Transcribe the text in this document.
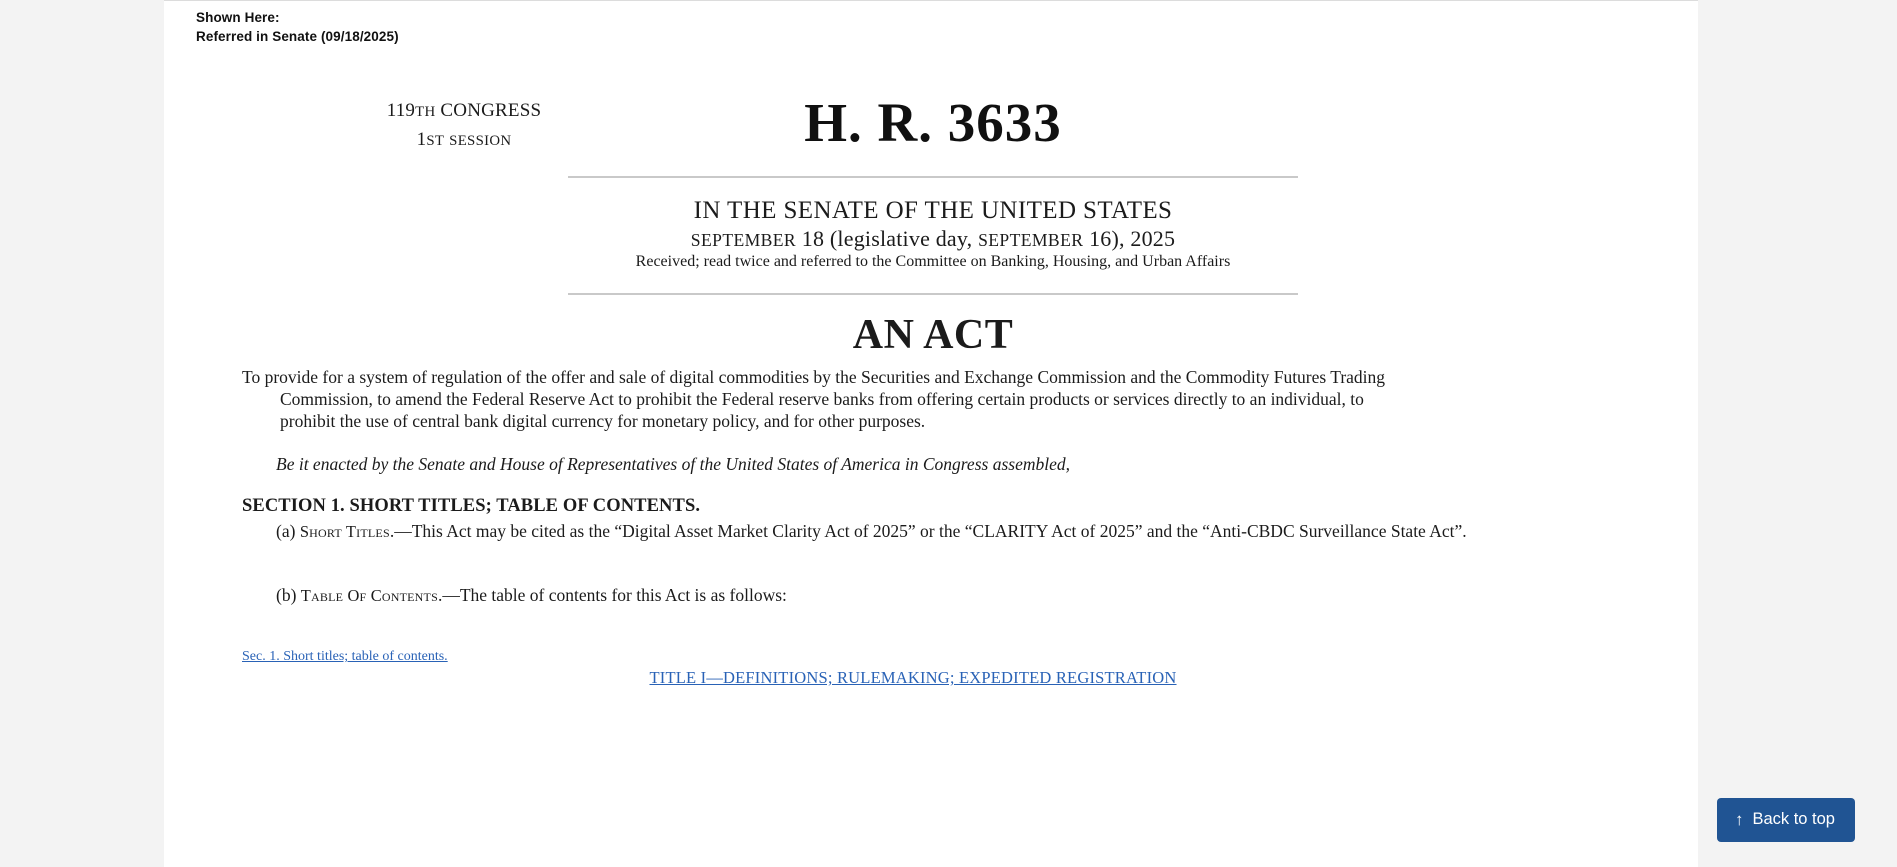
Shown Here:
Referred in Senate (09/18/2025)
119TH CONGRESS
1ST SESSION	H. R. 3633
IN THE SENATE OF THE UNITED STATES
SEPTEMBER 18 (legislative day, SEPTEMBER 16), 2025
Received; read twice and referred to the Committee on Banking, Housing, and Urban Affairs
AN ACT
To provide for a system of regulation of the offer and sale of digital commodities by the Securities and Exchange Commission and the Commodity Futures Trading
Commission, to amend the Federal Reserve Act to prohibit the Federal reserve banks from offering certain products or services directly to an individual, to
prohibit the use of central bank digital currency for monetary policy, and for other purposes.
Be it enacted by the Senate and House of Representatives of the United States of America in Congress assembled,
SECTION 1. SHORT TITLES; TABLE OF CONTENTS.
(a) Short Titles.—This Act may be cited as the “Digital Asset Market Clarity Act of 2025” or the “CLARITY Act of 2025” and the “Anti-CBDC Surveillance State Act”.
(b) Table Of Contents.—The table of contents for this Act is as follows:
Sec. 1. Short titles; table of contents.
TITLE I—DEFINITIONS; RULEMAKING; EXPEDITED REGISTRATION
↑ Back to top
